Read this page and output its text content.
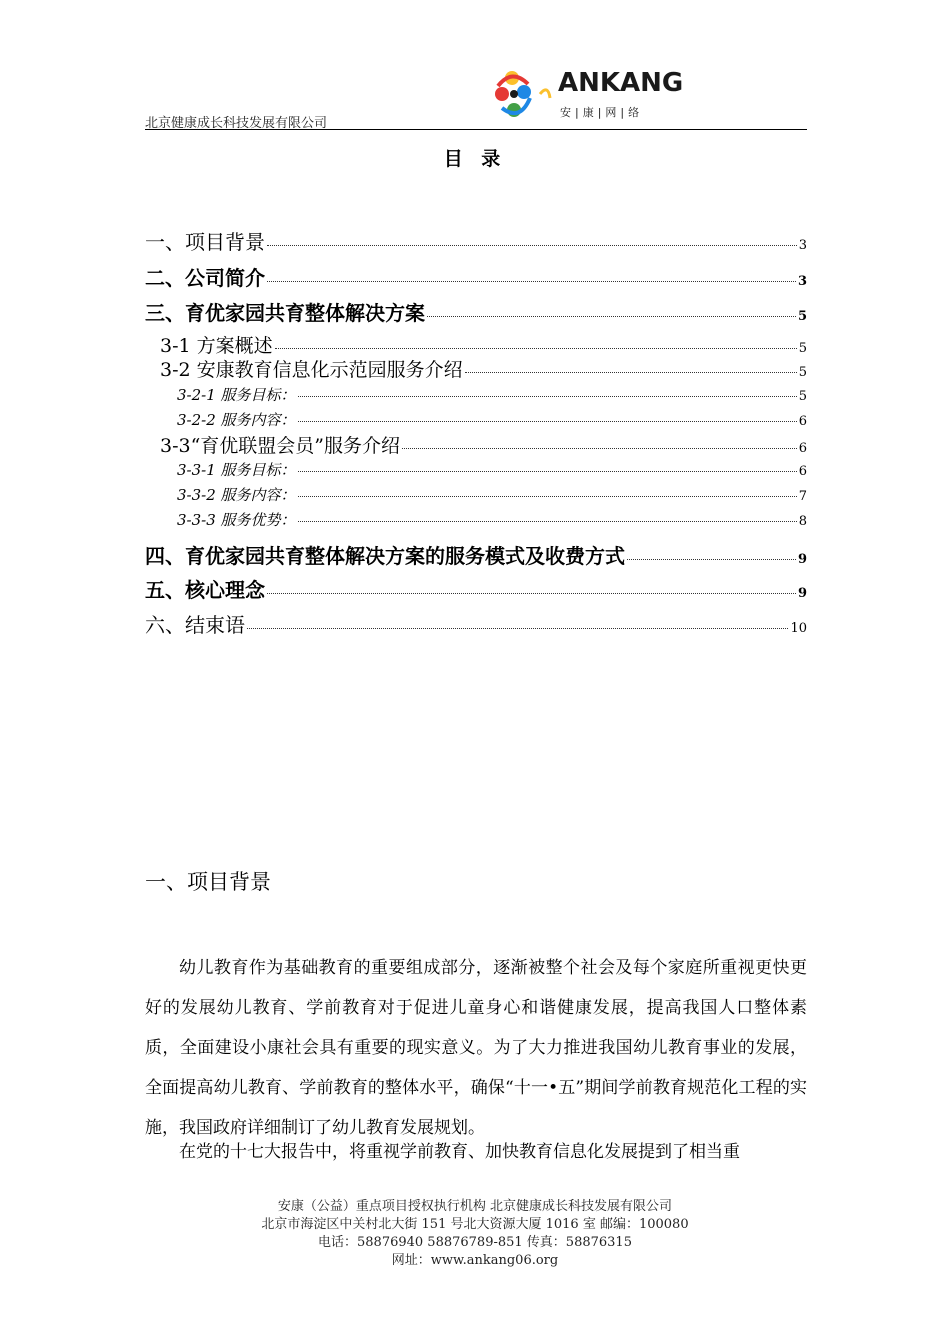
北京健康成长科技发展有限公司
ANKANG
安|康|网|络
目 录
一、项目背景	3
二、公司简介	3
三、育优家园共育整体解决方案	5
3-1 方案概述	5
3-2 安康教育信息化示范园服务介绍	5
3-2-1 服务目标：	5
3-2-2 服务内容：	6
3-3“育优联盟会员”服务介绍	6
3-3-1 服务目标：	6
3-3-2 服务内容：	7
3-3-3 服务优势：	8
四、育优家园共育整体解决方案的服务模式及收费方式	9
五、核心理念	9
六、结束语	10
一、项目背景
幼儿教育作为基础教育的重要组成部分，逐渐被整个社会及每个家庭所重视更快更好的发展幼儿教育、学前教育对于促进儿童身心和谐健康发展，提高我国人口整体素质，全面建设小康社会具有重要的现实意义。为了大力推进我国幼儿教育事业的发展，全面提高幼儿教育、学前教育的整体水平，确保“十一•五”期间学前教育规范化工程的实施，我国政府详细制订了幼儿教育发展规划。
在党的十七大报告中，将重视学前教育、加快教育信息化发展提到了相当重
安康（公益）重点项目授权执行机构 北京健康成长科技发展有限公司
北京市海淀区中关村北大街 151 号北大资源大厦 1016 室 邮编：100080
电话：58876940 58876789-851 传真：58876315
网址：www.ankang06.org
